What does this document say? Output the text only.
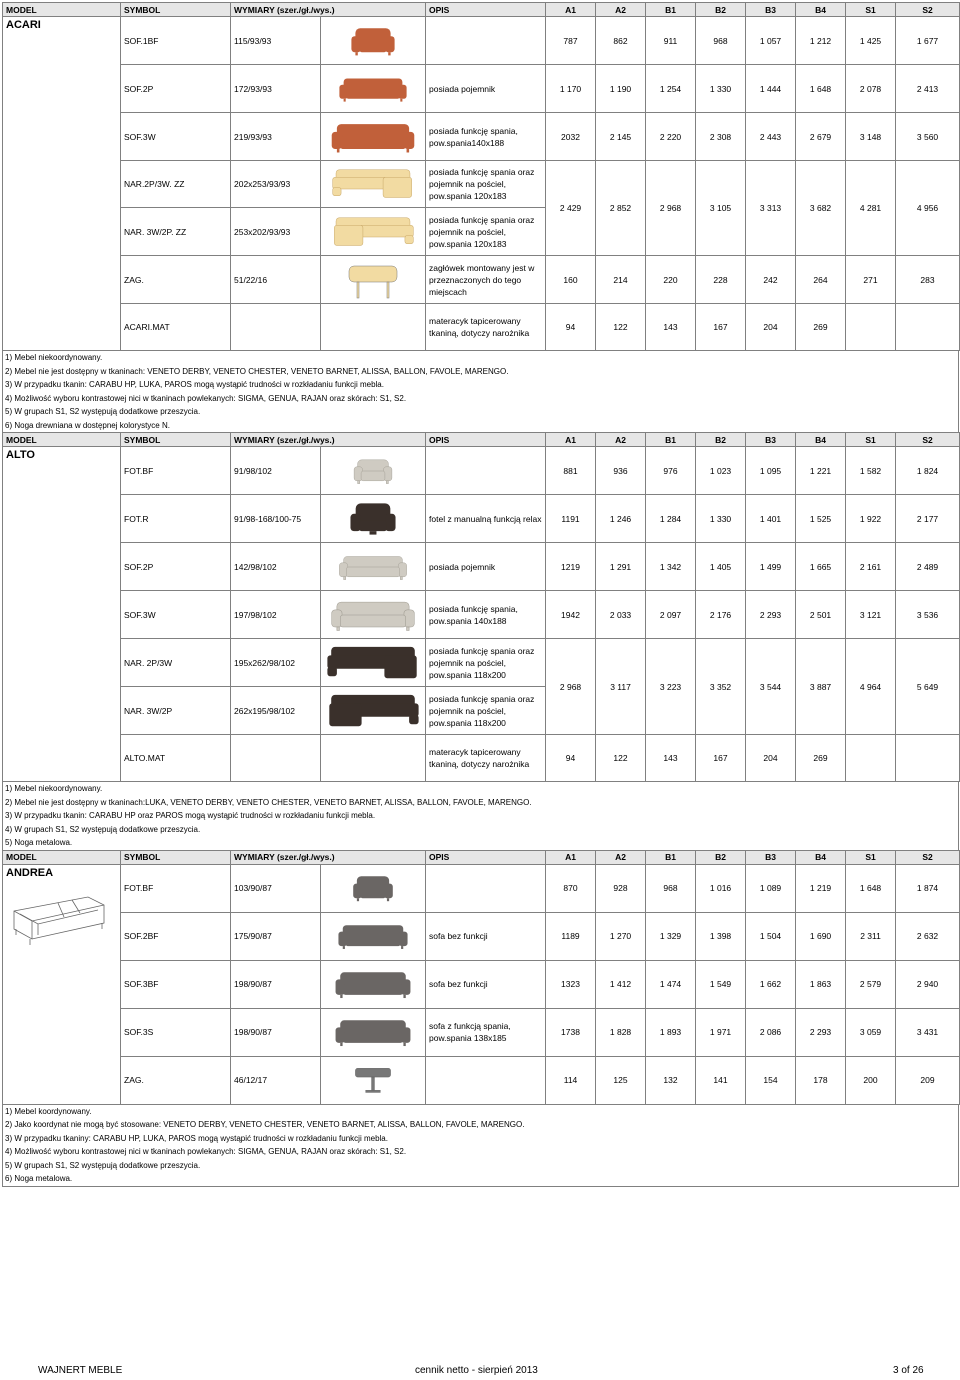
MODEL	SYMBOL	WYMIARY (szer./gł./wys.)		OPIS	A1	A2	B1	B2	B3	B4	S1	S2

ACARI	SOF.1BF	115/93/93			787	862	911	968	1 057	1 212	1 425	1 677
	SOF.2P	172/93/93		posiada pojemnik	1 170	1 190	1 254	1 330	1 444	1 648	2 078	2 413
	SOF.3W	219/93/93		posiada funkcję spania, pow.spania140x188	2032	2 145	2 220	2 308	2 443	2 679	3 148	3 560
	NAR.2P/3W. ZZ	202x253/93/93		posiada funkcję spania oraz pojemnik na pościel, pow.spania 120x183	2 429	2 852	2 968	3 105	3 313	3 682	4 281	4 956
	NAR. 3W/2P. ZZ	253x202/93/93		posiada funkcję spania oraz pojemnik na pościel, pow.spania 120x183								
	ZAG.	51/22/16		zagłówek montowany jest w przeznaczonych do tego miejscach	160	214	220	228	242	264	271	283
	ACARI.MAT			materacyk tapicerowany tkaniną, dotyczy narożnika	94	122	143	167	204	269		
1) Mebel niekoordynowany.
2) Mebel nie jest dostępny w tkaninach: VENETO DERBY, VENETO CHESTER, VENETO BARNET, ALISSA, BALLON, FAVOLE, MARENGO.
3) W przypadku tkanin: CARABU HP, LUKA, PAROS mogą wystąpić trudności w rozkładaniu funkcji mebla.
4) Możliwość wyboru kontrastowej nici w tkaninach powlekanych: SIGMA, GENUA, RAJAN oraz skórach: S1, S2.
5) W grupach S1, S2 występują dodatkowe przeszycia.
6) Noga drewniana w dostępnej kolorystyce N.
MODEL	SYMBOL	WYMIARY (szer./gł./wys.)		OPIS	A1	A2	B1	B2	B3	B4	S1	S2

ALTO	FOT.BF	91/98/102			881	936	976	1 023	1 095	1 221	1 582	1 824
	FOT.R	91/98-168/100-75		fotel z manualną funkcją relax	1191	1 246	1 284	1 330	1 401	1 525	1 922	2 177
	SOF.2P	142/98/102		posiada pojemnik	1219	1 291	1 342	1 405	1 499	1 665	2 161	2 489
	SOF.3W	197/98/102		posiada funkcję spania, pow.spania 140x188	1942	2 033	2 097	2 176	2 293	2 501	3 121	3 536
	NAR. 2P/3W	195x262/98/102		posiada funkcję spania oraz pojemnik na pościel, pow.spania 118x200	2 968	3 117	3 223	3 352	3 544	3 887	4 964	5 649
	NAR. 3W/2P	262x195/98/102		posiada funkcję spania oraz pojemnik na pościel, pow.spania 118x200								
	ALTO.MAT			materacyk tapicerowany tkaniną, dotyczy narożnika	94	122	143	167	204	269		
1) Mebel niekoordynowany.
2) Mebel nie jest dostępny w tkaninach:LUKA, VENETO DERBY, VENETO CHESTER, VENETO BARNET, ALISSA, BALLON, FAVOLE, MARENGO.
3) W przypadku tkanin: CARABU HP oraz PAROS mogą wystąpić trudności w rozkładaniu funkcji mebla.
4) W grupach S1, S2 występują dodatkowe przeszycia.
5) Noga metalowa.
MODEL	SYMBOL	WYMIARY (szer./gł./wys.)		OPIS	A1	A2	B1	B2	B3	B4	S1	S2

ANDREA	FOT.BF	103/90/87			870	928	968	1 016	1 089	1 219	1 648	1 874
	SOF.2BF	175/90/87		sofa bez funkcji	1189	1 270	1 329	1 398	1 504	1 690	2 311	2 632
	SOF.3BF	198/90/87		sofa bez funkcji	1323	1 412	1 474	1 549	1 662	1 863	2 579	2 940
	SOF.3S	198/90/87		sofa z funkcją spania, pow.spania 138x185	1738	1 828	1 893	1 971	2 086	2 293	3 059	3 431
	ZAG.	46/12/17			114	125	132	141	154	178	200	209
1) Mebel koordynowany.
2) Jako koordynat nie mogą być stosowane: VENETO DERBY, VENETO CHESTER, VENETO BARNET, ALISSA, BALLON, FAVOLE, MARENGO.
3) W przypadku tkaniny: CARABU HP, LUKA, PAROS mogą wystąpić trudności w rozkładaniu funkcji mebla.
4) Możliwość wyboru kontrastowej nici w tkaninach powlekanych: SIGMA, GENUA, RAJAN oraz skórach: S1, S2.
5) W grupach S1, S2 występują dodatkowe przeszycia.
6) Noga metalowa.
WAJNERT MEBLE	cennik netto - sierpień 2013	3 of 26
